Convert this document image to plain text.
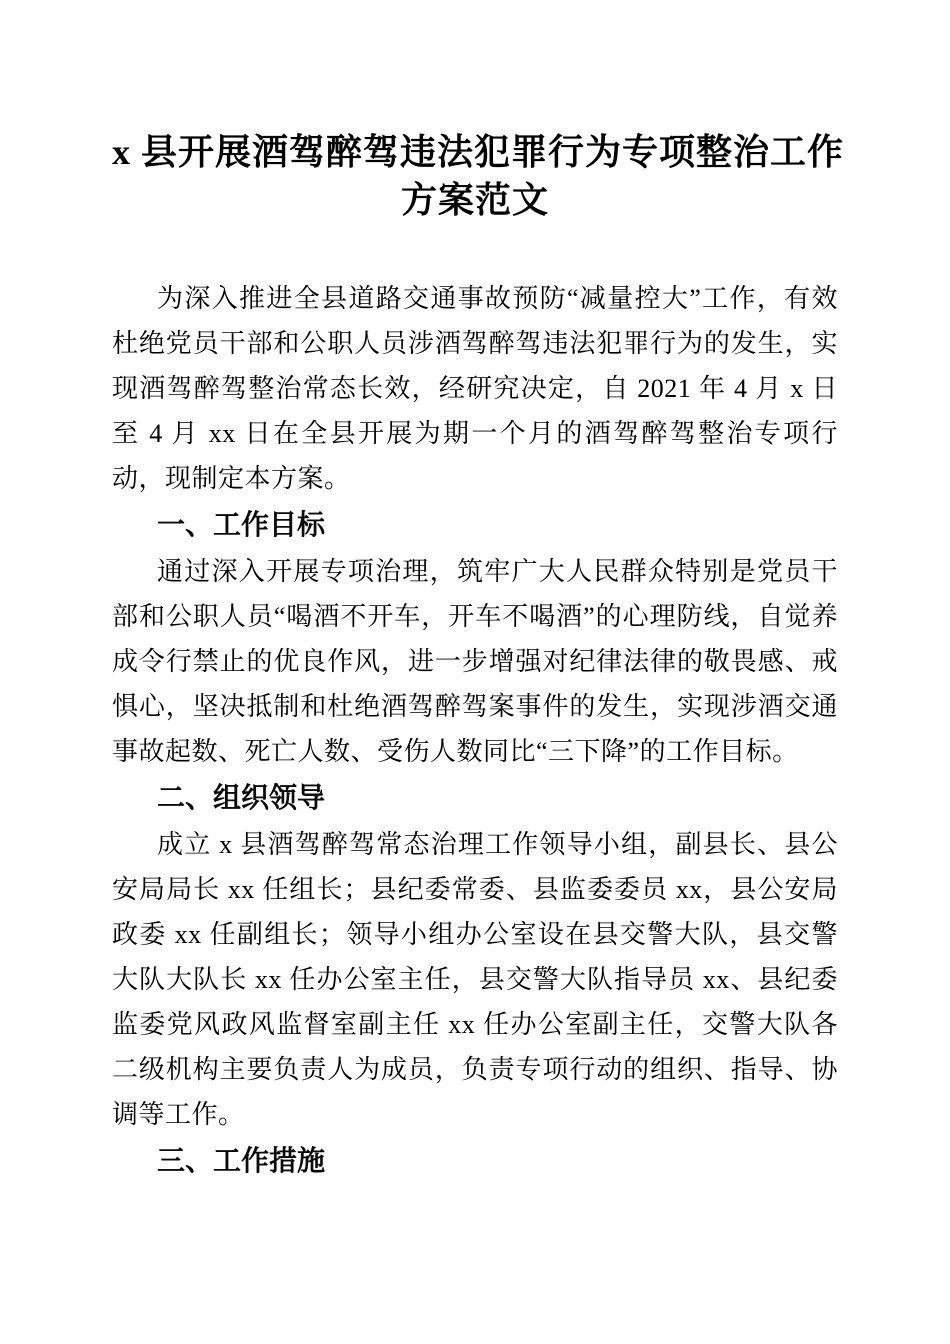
x 县开展酒驾醉驾违法犯罪行为专项整治工作
方案范文

为深入推进全县道路交通事故预防“减量控大”工作，有效杜绝党员干部和公职人员涉酒驾醉驾违法犯罪行为的发生，实现酒驾醉驾整治常态长效，经研究决定，自 2021 年 4 月 x 日至 4 月 xx 日在全县开展为期一个月的酒驾醉驾整治专项行动，现制定本方案。

一、工作目标

通过深入开展专项治理，筑牢广大人民群众特别是党员干部和公职人员“喝酒不开车，开车不喝酒”的心理防线，自觉养成令行禁止的优良作风，进一步增强对纪律法律的敬畏感、戒惧心，坚决抵制和杜绝酒驾醉驾案事件的发生，实现涉酒交通事故起数、死亡人数、受伤人数同比“三下降”的工作目标。

二、组织领导

成立 x 县酒驾醉驾常态治理工作领导小组，副县长、县公安局局长 xx 任组长；县纪委常委、县监委委员 xx，县公安局政委 xx 任副组长；领导小组办公室设在县交警大队，县交警大队大队长 xx 任办公室主任，县交警大队指导员 xx、县纪委监委党风政风监督室副主任 xx 任办公室副主任，交警大队各二级机构主要负责人为成员，负责专项行动的组织、指导、协调等工作。

三、工作措施
